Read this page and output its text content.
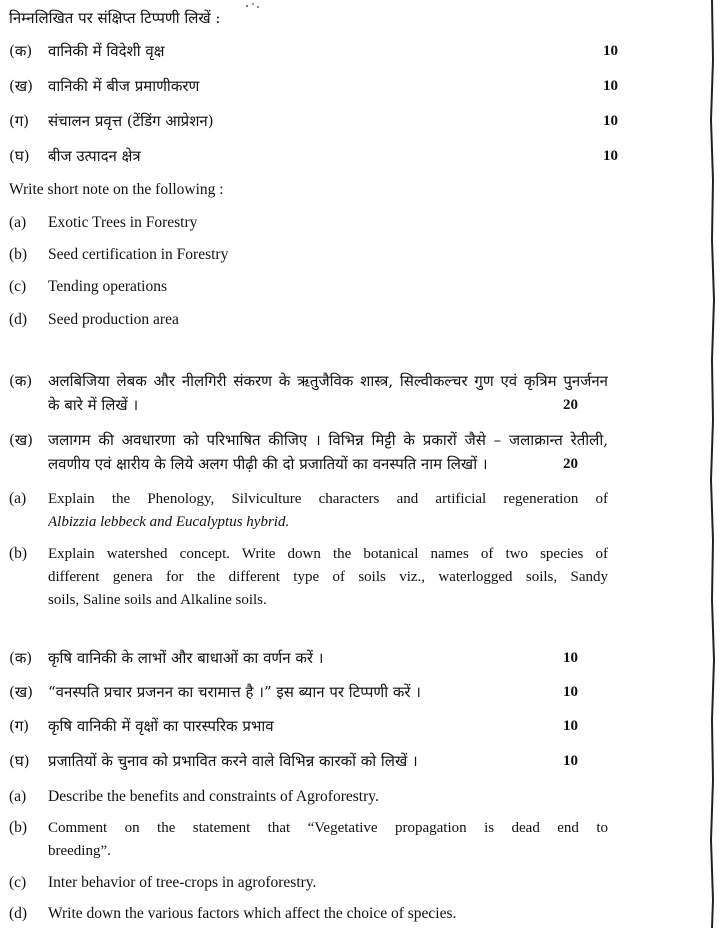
निम्नलिखित पर संक्षिप्त टिप्पणी लिखें :
(क) वानिकी में विदेशी वृक्ष	10
(ख) वानिकी में बीज प्रमाणीकरण	10
(ग) संचालन प्रवृत्त (टेंडिंग आप्रेशन)	10
(घ) बीज उत्पादन क्षेत्र	10
Write short note on the following :
(a) Exotic Trees in Forestry
(b) Seed certification in Forestry
(c) Tending operations
(d) Seed production area
(क) अलबिजिया लेबक और नीलगिरी संकरण के ऋतुजैविक शास्त्र, सिल्वीकल्चर गुण एवं कृत्रिम पुनर्जनन
के बारे में लिखें ।	20
(ख) जलागम की अवधारणा को परिभाषित कीजिए । विभिन्न मिट्टी के प्रकारों जैसे – जलाक्रान्त रेतीली,
लवणीय एवं क्षारीय के लिये अलग पीढ़ी की दो प्रजातियों का वनस्पति नाम लिखों ।	20
(a) Explain the Phenology, Silviculture characters and artificial regeneration of
Albizzia lebbeck and Eucalyptus hybrid.
(b) Explain watershed concept. Write down the botanical names of two species of
different genera for the different type of soils viz., waterlogged soils, Sandy
soils, Saline soils and Alkaline soils.
(क) कृषि वानिकी के लाभों और बाधाओं का वर्णन करें ।	10
(ख) “वनस्पति प्रचार प्रजनन का चरामात्त है ।” इस ब्यान पर टिप्पणी करें ।	10
(ग) कृषि वानिकी में वृक्षों का पारस्परिक प्रभाव	10
(घ) प्रजातियों के चुनाव को प्रभावित करने वाले विभिन्न कारकों को लिखें ।	10
(a) Describe the benefits and constraints of Agroforestry.
(b) Comment on the statement that “Vegetative propagation is dead end to
breeding”.
(c) Inter behavior of tree-crops in agroforestry.
(d) Write down the various factors which affect the choice of species.
